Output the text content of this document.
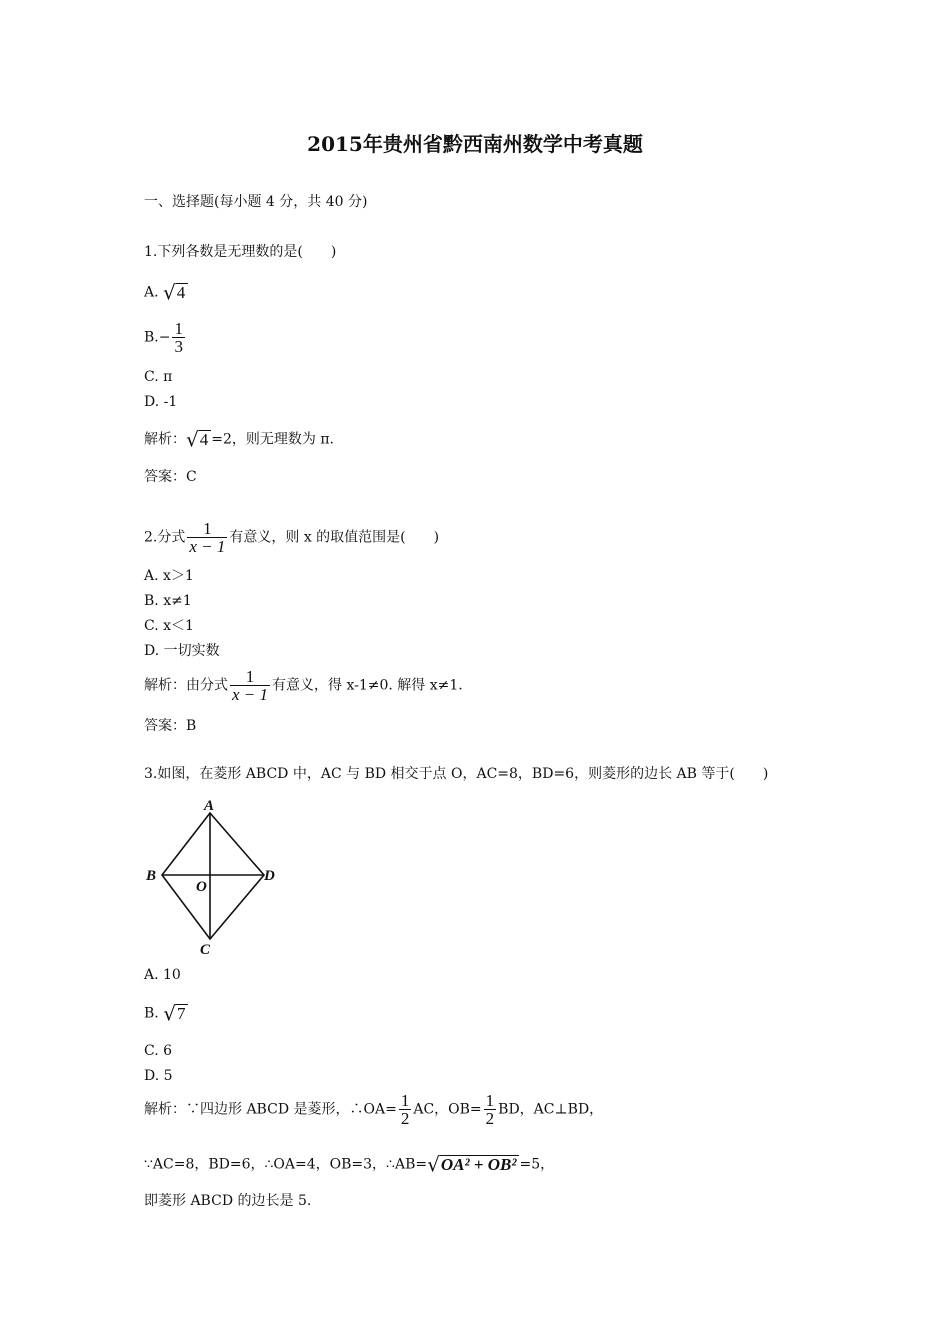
2015年贵州省黔西南州数学中考真题
一、选择题(每小题 4 分，共 40 分)
1.下列各数是无理数的是(　　)
A. √4
$B.- \frac{1}{3}$
C. π
D. -1
解析：√4 =2，则无理数为 π.
答案：C
2.分式 $\frac{1}{x - 1}$ 有意义，则 x 的取值范围是(　　)
A. x＞1
B. x≠1
C. x＜1
D. 一切实数
解析：由分式 $\frac{1}{x - 1}$ 有意义，得 x-1≠0. 解得 x≠1.
答案：B
3.如图，在菱形 ABCD 中，AC 与 BD 相交于点 O，AC=8，BD=6，则菱形的边长 AB 等于(　　)
A
B
C
D
O
A. 10
B. √7
C. 6
D. 5
解析：∵四边形 ABCD 是菱形，∴OA= $\frac{1}{2}$ AC，$OB= \frac{1}{2}$ BD，AC⊥BD，
∵AC=8，BD=6，∴OA=4，OB=3，∴AB=√OA² + OB² =5，
即菱形 ABCD 的边长是 5.
